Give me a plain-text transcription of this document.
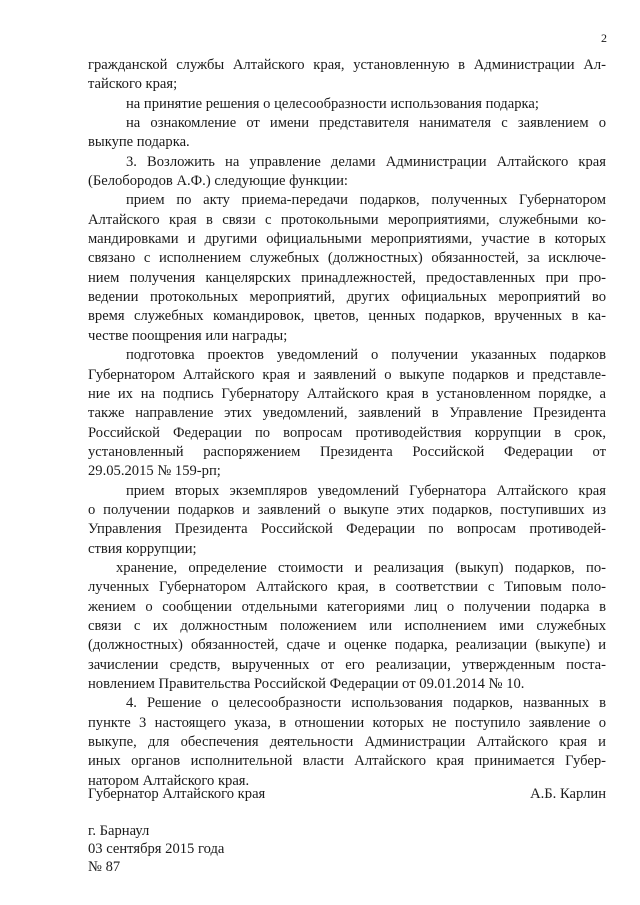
2
гражданской службы Алтайского края, установленную в Администрации Ал-
тайского края;
на принятие решения о целесообразности использования подарка;
на ознакомление от имени представителя нанимателя с заявлением о
выкупе подарка.
3. Возложить на управление делами Администрации Алтайского края
(Белобородов А.Ф.) следующие функции:
прием по акту приема-передачи подарков, полученных Губернатором
Алтайского края в связи с протокольными мероприятиями, служебными ко-
мандировками и другими официальными мероприятиями, участие в которых
связано с исполнением служебных (должностных) обязанностей, за исключе-
нием получения канцелярских принадлежностей, предоставленных при про-
ведении протокольных мероприятий, других официальных мероприятий во
время служебных командировок, цветов, ценных подарков, врученных в ка-
честве поощрения или награды;
подготовка проектов уведомлений о получении указанных подарков
Губернатором Алтайского края и заявлений о выкупе подарков и представле-
ние их на подпись Губернатору Алтайского края в установленном порядке, а
также направление этих уведомлений, заявлений в Управление Президента
Российской Федерации по вопросам противодействия коррупции в срок,
установленный распоряжением Президента Российской Федерации от
29.05.2015 № 159-рп;
прием вторых экземпляров уведомлений Губернатора Алтайского края
о получении подарков и заявлений о выкупе этих подарков, поступивших из
Управления Президента Российской Федерации по вопросам противодей-
ствия коррупции;
хранение, определение стоимости и реализация (выкуп) подарков, по-
лученных Губернатором Алтайского края, в соответствии с Типовым поло-
жением о сообщении отдельными категориями лиц о получении подарка в
связи с их должностным положением или исполнением ими служебных
(должностных) обязанностей, сдаче и оценке подарка, реализации (выкупе) и
зачислении средств, вырученных от его реализации, утвержденным поста-
новлением Правительства Российской Федерации от 09.01.2014 № 10.
4. Решение о целесообразности использования подарков, названных в
пункте 3 настоящего указа, в отношении которых не поступило заявление о
выкупе, для обеспечения деятельности Администрации Алтайского края и
иных органов исполнительной власти Алтайского края принимается Губер-
натором Алтайского края.
Губернатор Алтайского края	А.Б. Карлин
г. Барнаул
03 сентября 2015 года
№ 87
